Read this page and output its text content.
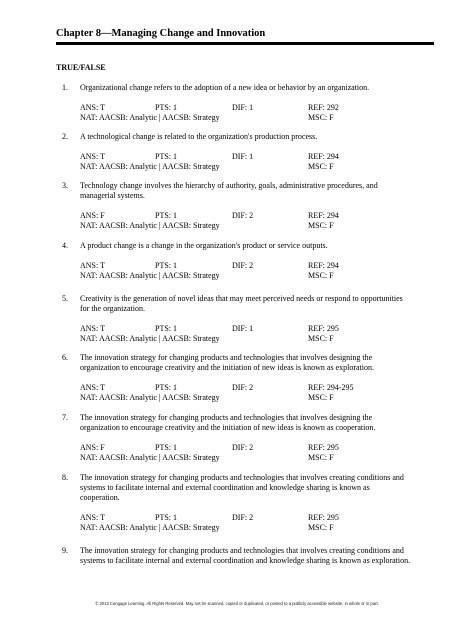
Chapter 8—Managing Change and Innovation
TRUE/FALSE
1. Organizational change refers to the adoption of a new idea or behavior by an organization.
ANS: T	PTS: 1	DIF: 1	REF: 292
NAT: AACSB: Analytic | AACSB: Strategy	MSC: F
2. A technological change is related to the organization's production process.
ANS: T	PTS: 1	DIF: 1	REF: 294
NAT: AACSB: Analytic | AACSB: Strategy	MSC: F
3. Technology change involves the hierarchy of authority, goals, administrative procedures, and
managerial systems.
ANS: F	PTS: 1	DIF: 2	REF: 294
NAT: AACSB: Analytic | AACSB: Strategy	MSC: F
4. A product change is a change in the organization's product or service outputs.
ANS: T	PTS: 1	DIF: 2	REF: 294
NAT: AACSB: Analytic | AACSB: Strategy	MSC: F
5. Creativity is the generation of novel ideas that may meet perceived needs or respond to opportunities
for the organization.
ANS: T	PTS: 1	DIF: 1	REF: 295
NAT: AACSB: Analytic | AACSB: Strategy	MSC: F
6. The innovation strategy for changing products and technologies that involves designing the
organization to encourage creativity and the initiation of new ideas is known as exploration.
ANS: T	PTS: 1	DIF: 2	REF: 294-295
NAT: AACSB: Analytic | AACSB: Strategy	MSC: F
7. The innovation strategy for changing products and technologies that involves designing the
organization to encourage creativity and the initiation of new ideas is known as cooperation.
ANS: F	PTS: 1	DIF: 2	REF: 295
NAT: AACSB: Analytic | AACSB: Strategy	MSC: F
8. The innovation strategy for changing products and technologies that involves creating conditions and
systems to facilitate internal and external coordination and knowledge sharing is known as
cooperation.
ANS: T	PTS: 1	DIF: 2	REF: 295
NAT: AACSB: Analytic | AACSB: Strategy	MSC: F
9. The innovation strategy for changing products and technologies that involves creating conditions and
systems to facilitate internal and external coordination and knowledge sharing is known as exploration.
© 2013 Cengage Learning. All Rights Reserved. May not be scanned, copied or duplicated, or posted to a publicly accessible website, in whole or in part.
